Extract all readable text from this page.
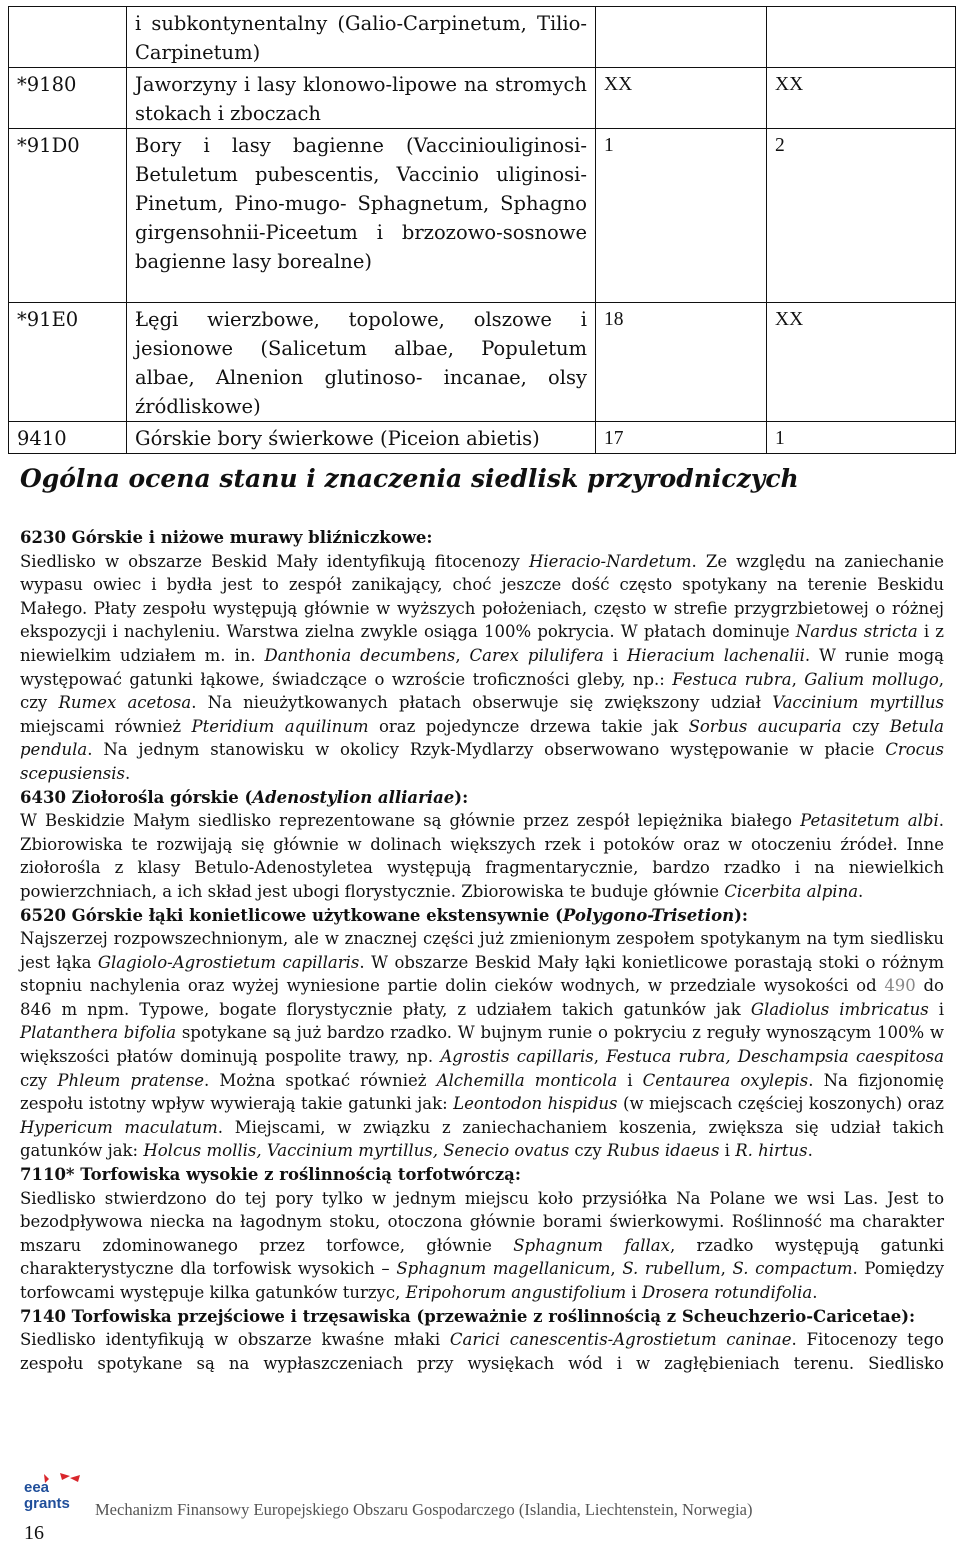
	i subkontynentalny (Galio-Carpinetum, Tilio-Carpinetum)		
*9180	Jaworzyny i lasy klonowo-lipowe na stromych stokach i zboczach	XX	XX
*91D0	Bory i lasy bagienne (Vacciniouliginosi-Betuletum pubescentis, Vaccinio uliginosi-Pinetum, Pino-mugo- Sphagnetum, Sphagno girgensohnii-Piceetum i brzozowo-sosnowe bagienne lasy borealne)	1	2
*91E0	Łęgi wierzbowe, topolowe, olszowe i jesionowe (Salicetum albae, Populetum albae, Alnenion glutinoso- incanae, olsy źródliskowe)	18	XX
9410	Górskie bory świerkowe (Piceion abietis)	17	1
Ogólna ocena stanu i znaczenia siedlisk przyrodniczych

6230 Górskie i niżowe murawy bliźniczkowe:

Siedlisko w obszarze Beskid Mały identyfikują fitocenozy Hieracio-Nardetum. Ze względu na zaniechanie wypasu owiec i bydła jest to zespół zanikający, choć jeszcze dość często spotykany na terenie Beskidu Małego. Płaty zespołu występują głównie w wyższych położeniach, często w strefie przygrzbietowej o różnej ekspozycji i nachyleniu. Warstwa zielna zwykle osiąga 100% pokrycia. W płatach dominuje Nardus stricta i z niewielkim udziałem m. in. Danthonia decumbens, Carex pilulifera i Hieracium lachenalii. W runie mogą występować gatunki łąkowe, świadczące o wzroście troficzności gleby, np.: Festuca rubra, Galium mollugo, czy Rumex acetosa. Na nieużytkowanych płatach obserwuje się zwiększony udział Vaccinium myrtillus miejscami również Pteridium aquilinum oraz pojedyncze drzewa takie jak Sorbus aucuparia czy Betula pendula. Na jednym stanowisku w okolicy Rzyk-Mydlarzy obserwowano występowanie w płacie Crocus scepusiensis.

6430 Ziołorośla górskie (Adenostylion alliariae):

W Beskidzie Małym siedlisko reprezentowane są głównie przez zespół lepiężnika białego Petasitetum albi. Zbiorowiska te rozwijają się głównie w dolinach większych rzek i potoków oraz w otoczeniu źródeł. Inne ziołorośla z klasy Betulo-Adenostyletea występują fragmentarycznie, bardzo rzadko i na niewielkich powierzchniach, a ich skład jest ubogi florystycznie. Zbiorowiska te buduje głównie Cicerbita alpina.

6520 Górskie łąki konietlicowe użytkowane ekstensywnie (Polygono-Trisetion):

Najszerzej rozpowszechnionym, ale w znacznej części już zmienionym zespołem spotykanym na tym siedlisku jest łąka Glagiolo-Agrostietum capillaris. W obszarze Beskid Mały łąki konietlicowe porastają stoki o różnym stopniu nachylenia oraz wyżej wyniesione partie dolin cieków wodnych, w przedziale wysokości od 490 do 846 m npm. Typowe, bogate florystycznie płaty, z udziałem takich gatunków jak Gladiolus imbricatus i Platanthera bifolia spotykane są już bardzo rzadko. W bujnym runie o pokryciu z reguły wynoszącym 100% w większości płatów dominują pospolite trawy, np. Agrostis capillaris, Festuca rubra, Deschampsia caespitosa czy Phleum pratense. Można spotkać również Alchemilla monticola i Centaurea oxylepis. Na fizjonomię zespołu istotny wpływ wywierają takie gatunki jak: Leontodon hispidus (w miejscach częściej koszonych) oraz Hypericum maculatum. Miejscami, w związku z zaniechachaniem koszenia, zwiększa się udział takich gatunków jak: Holcus mollis, Vaccinium myrtillus, Senecio ovatus czy Rubus idaeus i R. hirtus.

7110* Torfowiska wysokie z roślinnością torfotwórczą:

Siedlisko stwierdzono do tej pory tylko w jednym miejscu koło przysiółka Na Polane we wsi Las. Jest to bezodpływowa niecka na łagodnym stoku, otoczona głównie borami świerkowymi. Roślinność ma charakter mszaru zdominowanego przez torfowce, głównie Sphagnum fallax, rzadko występują gatunki charakterystyczne dla torfowisk wysokich – Sphagnum magellanicum, S. rubellum, S. compactum. Pomiędzy torfowcami występuje kilka gatunków turzyc, Eripohorum angustifolium i Drosera rotundifolia.

7140 Torfowiska przejściowe i trzęsawiska (przeważnie z roślinnością z Scheuchzerio-Caricetae):

Siedlisko identyfikują w obszarze kwaśne młaki Carici canescentis-Agrostietum caninae. Fitocenozy tego zespołu spotykane są na wypłaszczeniach przy wysiękach wód i w zagłębieniach terenu. Siedlisko

eea
grants
16
Mechanizm Finansowy Europejskiego Obszaru Gospodarczego (Islandia, Liechtenstein, Norwegia)
